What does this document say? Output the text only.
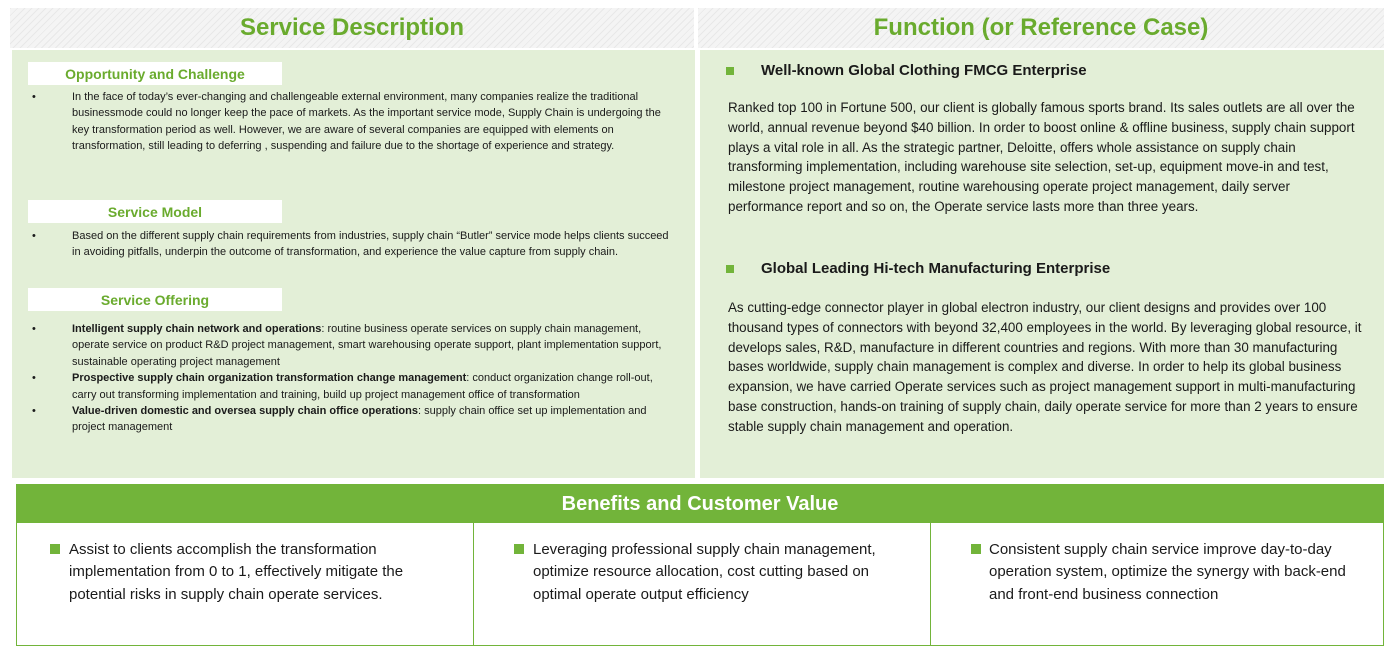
Service Description	Function (or Reference Case)
Opportunity and Challenge
•	In the face of today’s ever-changing and challengeable external environment, many companies realize the traditional businessmode could no longer keep the pace of markets. As the important service mode, Supply Chain is undergoing the key transformation period as well. However, we are aware of several companies are equipped with elements on transformation, still leading to deferring , suspending and failure due to the shortage of experience and strategy.
Service Model
•	Based on the different supply chain requirements from industries, supply chain “Butler” service mode helps clients succeed in avoiding pitfalls, underpin the outcome of transformation, and experience the value capture from supply chain.
Service Offering
•	Intelligent supply chain network and operations: routine business operate services on supply chain management, operate service on product R&D project management, smart warehousing operate support, plant implementation support, sustainable operating project management
•	Prospective supply chain organization transformation change management: conduct organization change roll-out, carry out transforming implementation and training, build up project management office of transformation
•	Value-driven domestic and oversea supply chain office operations: supply chain office set up implementation and project management
Well-known Global Clothing FMCG Enterprise
Ranked top 100 in Fortune 500, our client is globally famous sports brand. Its sales outlets are all over the world, annual revenue beyond $40 billion. In order to boost online & offline business, supply chain support plays a vital role in all. As the strategic partner, Deloitte, offers whole assistance on supply chain transforming implementation, including warehouse site selection, set-up, equipment move-in and test, milestone project management, routine warehousing operate project management, daily server performance report and so on, the Operate service lasts more than three years.
Global Leading Hi-tech Manufacturing Enterprise
As cutting-edge connector player in global electron industry, our client designs and provides over 100 thousand types of connectors with beyond 32,400 employees in the world. By leveraging global resource, it develops sales, R&D, manufacture in different countries and regions. With more than 30 manufacturing bases worldwide, supply chain management is complex and diverse. In order to help its global business expansion, we have carried Operate services such as project management support in multi-manufacturing base construction, hands-on training of supply chain, daily operate service for more than 2 years to ensure stable supply chain management and operation.
Benefits and Customer Value
Assist to clients accomplish the transformation implementation from 0 to 1, effectively mitigate the potential risks in supply chain operate services.
Leveraging professional supply chain management, optimize resource allocation, cost cutting based on optimal operate output efficiency
Consistent supply chain service improve day-to-day operation system, optimize the synergy with back-end and front-end business connection
